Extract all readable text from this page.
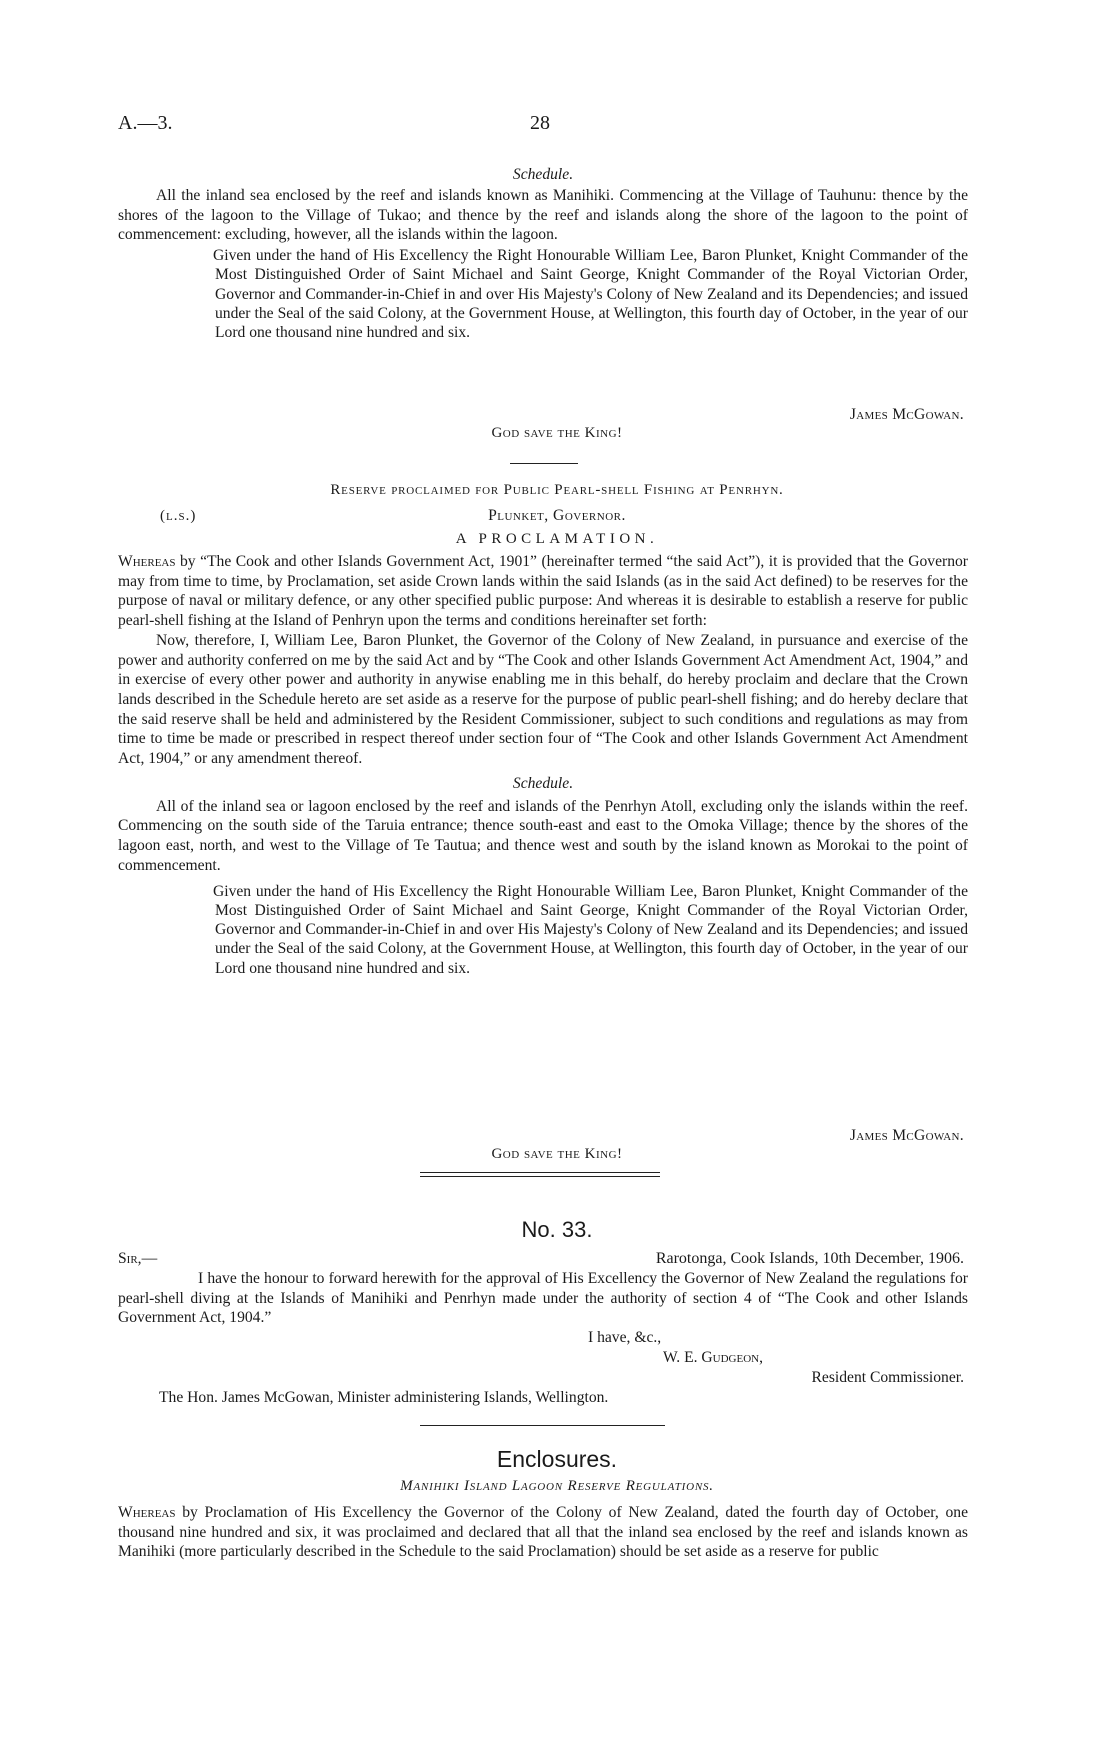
A.—3.	28
Schedule.

All the inland sea enclosed by the reef and islands known as Manihiki. Commencing at the Village of Tauhunu: thence by the shores of the lagoon to the Village of Tukao; and thence by the reef and islands along the shore of the lagoon to the point of commencement: excluding, however, all the islands within the lagoon.

Given under the hand of His Excellency the Right Honourable William Lee, Baron Plunket, Knight Commander of the Most Distinguished Order of Saint Michael and Saint George, Knight Commander of the Royal Victorian Order, Governor and Commander-in-Chief in and over His Majesty's Colony of New Zealand and its Dependencies; and issued under the Seal of the said Colony, at the Government House, at Wellington, this fourth day of October, in the year of our Lord one thousand nine hundred and six.

James McGowan.
God save the King!
Reserve proclaimed for Public Pearl-shell Fishing at Penrhyn.
(l.s.)	Plunket, Governor.
A PROCLAMATION.

Whereas by “The Cook and other Islands Government Act, 1901” (hereinafter termed “the said Act”), it is provided that the Governor may from time to time, by Proclamation, set aside Crown lands within the said Islands (as in the said Act defined) to be reserves for the purpose of naval or military defence, or any other specified public purpose: And whereas it is desirable to establish a reserve for public pearl-shell fishing at the Island of Penhryn upon the terms and conditions hereinafter set forth:

Now, therefore, I, William Lee, Baron Plunket, the Governor of the Colony of New Zealand, in pursuance and exercise of the power and authority conferred on me by the said Act and by “The Cook and other Islands Government Act Amendment Act, 1904,” and in exercise of every other power and authority in anywise enabling me in this behalf, do hereby proclaim and declare that the Crown lands described in the Schedule hereto are set aside as a reserve for the purpose of public pearl-shell fishing; and do hereby declare that the said reserve shall be held and administered by the Resident Commissioner, subject to such conditions and regulations as may from time to time be made or prescribed in respect thereof under section four of “The Cook and other Islands Government Act Amendment Act, 1904,” or any amendment thereof.

Schedule.

All of the inland sea or lagoon enclosed by the reef and islands of the Penrhyn Atoll, excluding only the islands within the reef. Commencing on the south side of the Taruia entrance; thence south-east and east to the Omoka Village; thence by the shores of the lagoon east, north, and west to the Village of Te Tautua; and thence west and south by the island known as Morokai to the point of commencement.

Given under the hand of His Excellency the Right Honourable William Lee, Baron Plunket, Knight Commander of the Most Distinguished Order of Saint Michael and Saint George, Knight Commander of the Royal Victorian Order, Governor and Commander-in-Chief in and over His Majesty's Colony of New Zealand and its Dependencies; and issued under the Seal of the said Colony, at the Government House, at Wellington, this fourth day of October, in the year of our Lord one thousand nine hundred and six.

James McGowan.
God save the King!
No. 33.
Sir,—	Rarotonga, Cook Islands, 10th December, 1906.

I have the honour to forward herewith for the approval of His Excellency the Governor of New Zealand the regulations for pearl-shell diving at the Islands of Manihiki and Penrhyn made under the authority of section 4 of “The Cook and other Islands Government Act, 1904.”

I have, &c.,
W. E. Gudgeon,
Resident Commissioner.
The Hon. James McGowan, Minister administering Islands, Wellington.
Enclosures.
Manihiki Island Lagoon Reserve Regulations.

Whereas by Proclamation of His Excellency the Governor of the Colony of New Zealand, dated the fourth day of October, one thousand nine hundred and six, it was proclaimed and declared that all that the inland sea enclosed by the reef and islands known as Manihiki (more particularly described in the Schedule to the said Proclamation) should be set aside as a reserve for public
